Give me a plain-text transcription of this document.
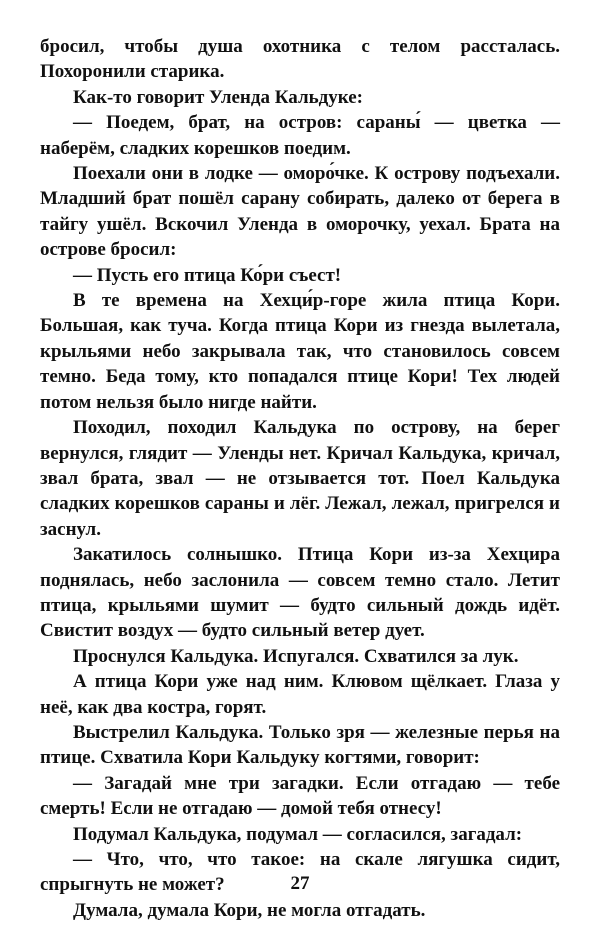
бросил, чтобы душа охотника с телом рассталась. Похоронили старика.

Как-то говорит Уленда Кальдуке:

— Поедем, брат, на остров: сараны́ — цветка — наберём, сладких корешков поедим.

Поехали они в лодке — оморо́чке. К острову подъехали. Младший брат пошёл сарану собирать, далеко от берега в тайгу ушёл. Вскочил Уленда в оморочку, уехал. Брата на острове бросил:

— Пусть его птица Ко́ри съест!

В те времена на Хехци́р-горе жила птица Кори. Большая, как туча. Когда птица Кори из гнезда вылетала, крыльями небо закрывала так, что становилось совсем темно. Беда тому, кто попадался птице Кори! Тех людей потом нельзя было нигде найти.

Походил, походил Кальдука по острову, на берег вернулся, глядит — Уленды нет. Кричал Кальдука, кричал, звал брата, звал — не отзывается тот. Поел Кальдука сладких корешков сараны и лёг. Лежал, лежал, пригрелся и заснул.

Закатилось солнышко. Птица Кори из-за Хехцира поднялась, небо заслонила — совсем темно стало. Летит птица, крыльями шумит — будто сильный дождь идёт. Свистит воздух — будто сильный ветер дует.

Проснулся Кальдука. Испугался. Схватился за лук.

А птица Кори уже над ним. Клювом щёлкает. Глаза у неё, как два костра, горят.

Выстрелил Кальдука. Только зря — железные перья на птице. Схватила Кори Кальдуку когтями, говорит:

— Загадай мне три загадки. Если отгадаю — тебе смерть! Если не отгадаю — домой тебя отнесу!

Подумал Кальдука, подумал — согласился, загадал:

— Что, что, что такое: на скале лягушка сидит, спрыгнуть не может?

Думала, думала Кори, не могла отгадать.

27
